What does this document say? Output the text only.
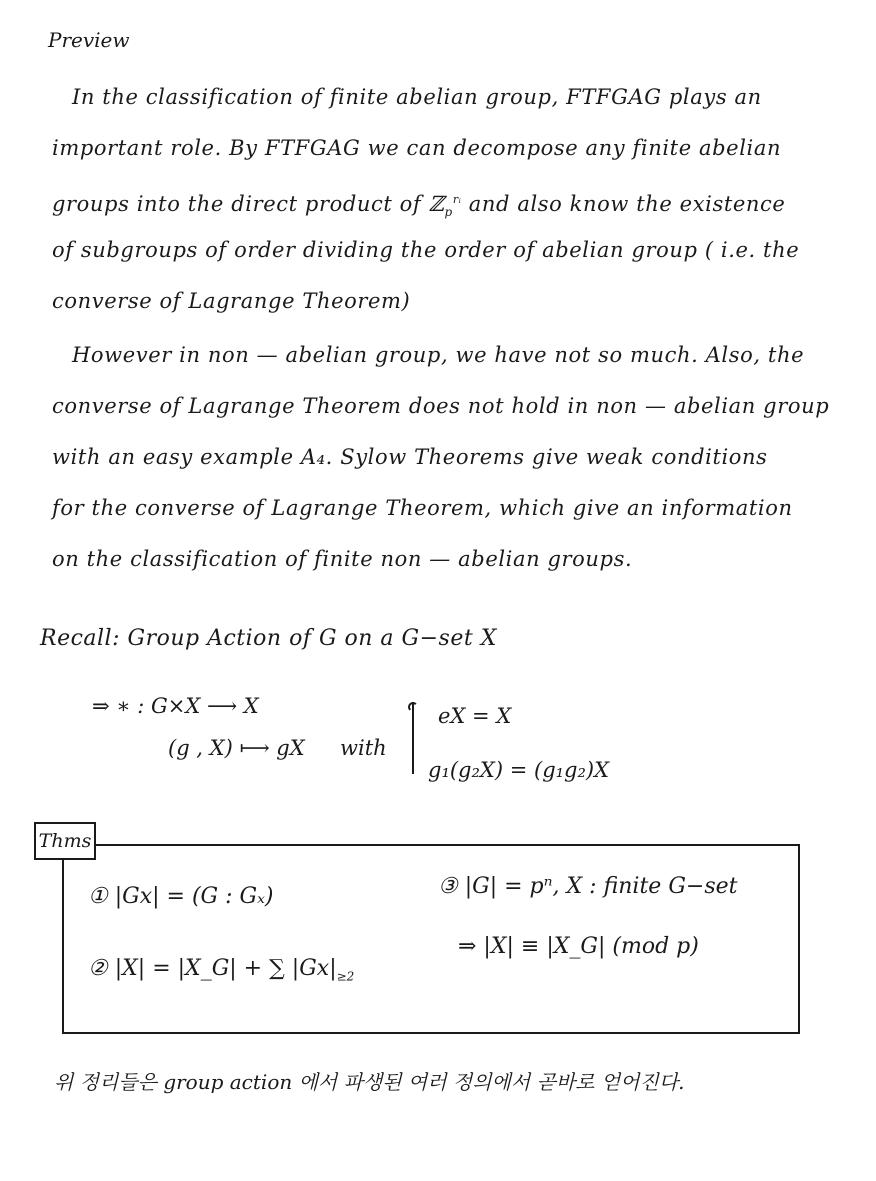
Preview
In the classification of finite abelian group, FTFGAG plays an
important role. By FTFGAG we can decompose any finite abelian
groups into the direct product of ℤ$_p^{rᵢ}$ and also know the existence
of subgroups of order dividing the order of abelian group ( i.e. the
converse of Lagrange Theorem)
However in non — abelian group, we have not so much. Also, the
converse of Lagrange Theorem does not hold in non — abelian group
with an easy example A₄. Sylow Theorems give weak conditions
for the converse of Lagrange Theorem, which give an information
on the classification of finite non — abelian groups.
Recall: Group Action of G on a G−set X
⇒ ∗ : G×X ⟶ X
(g , X) ⟼ gX with
eX = X
g₁(g₂X) = (g₁g₂)X
Thms
① |Gx| = (G : Gₓ)
② |X| = |X_G| + ∑ $|Gx|_{\ge 2}$
③ |G| = pⁿ, X : finite G−set
⇒ |X| ≡ |X_G| (mod p)
위 정리들은 group action 에서 파생된 여러 정의에서 곧바로 얻어진다.
